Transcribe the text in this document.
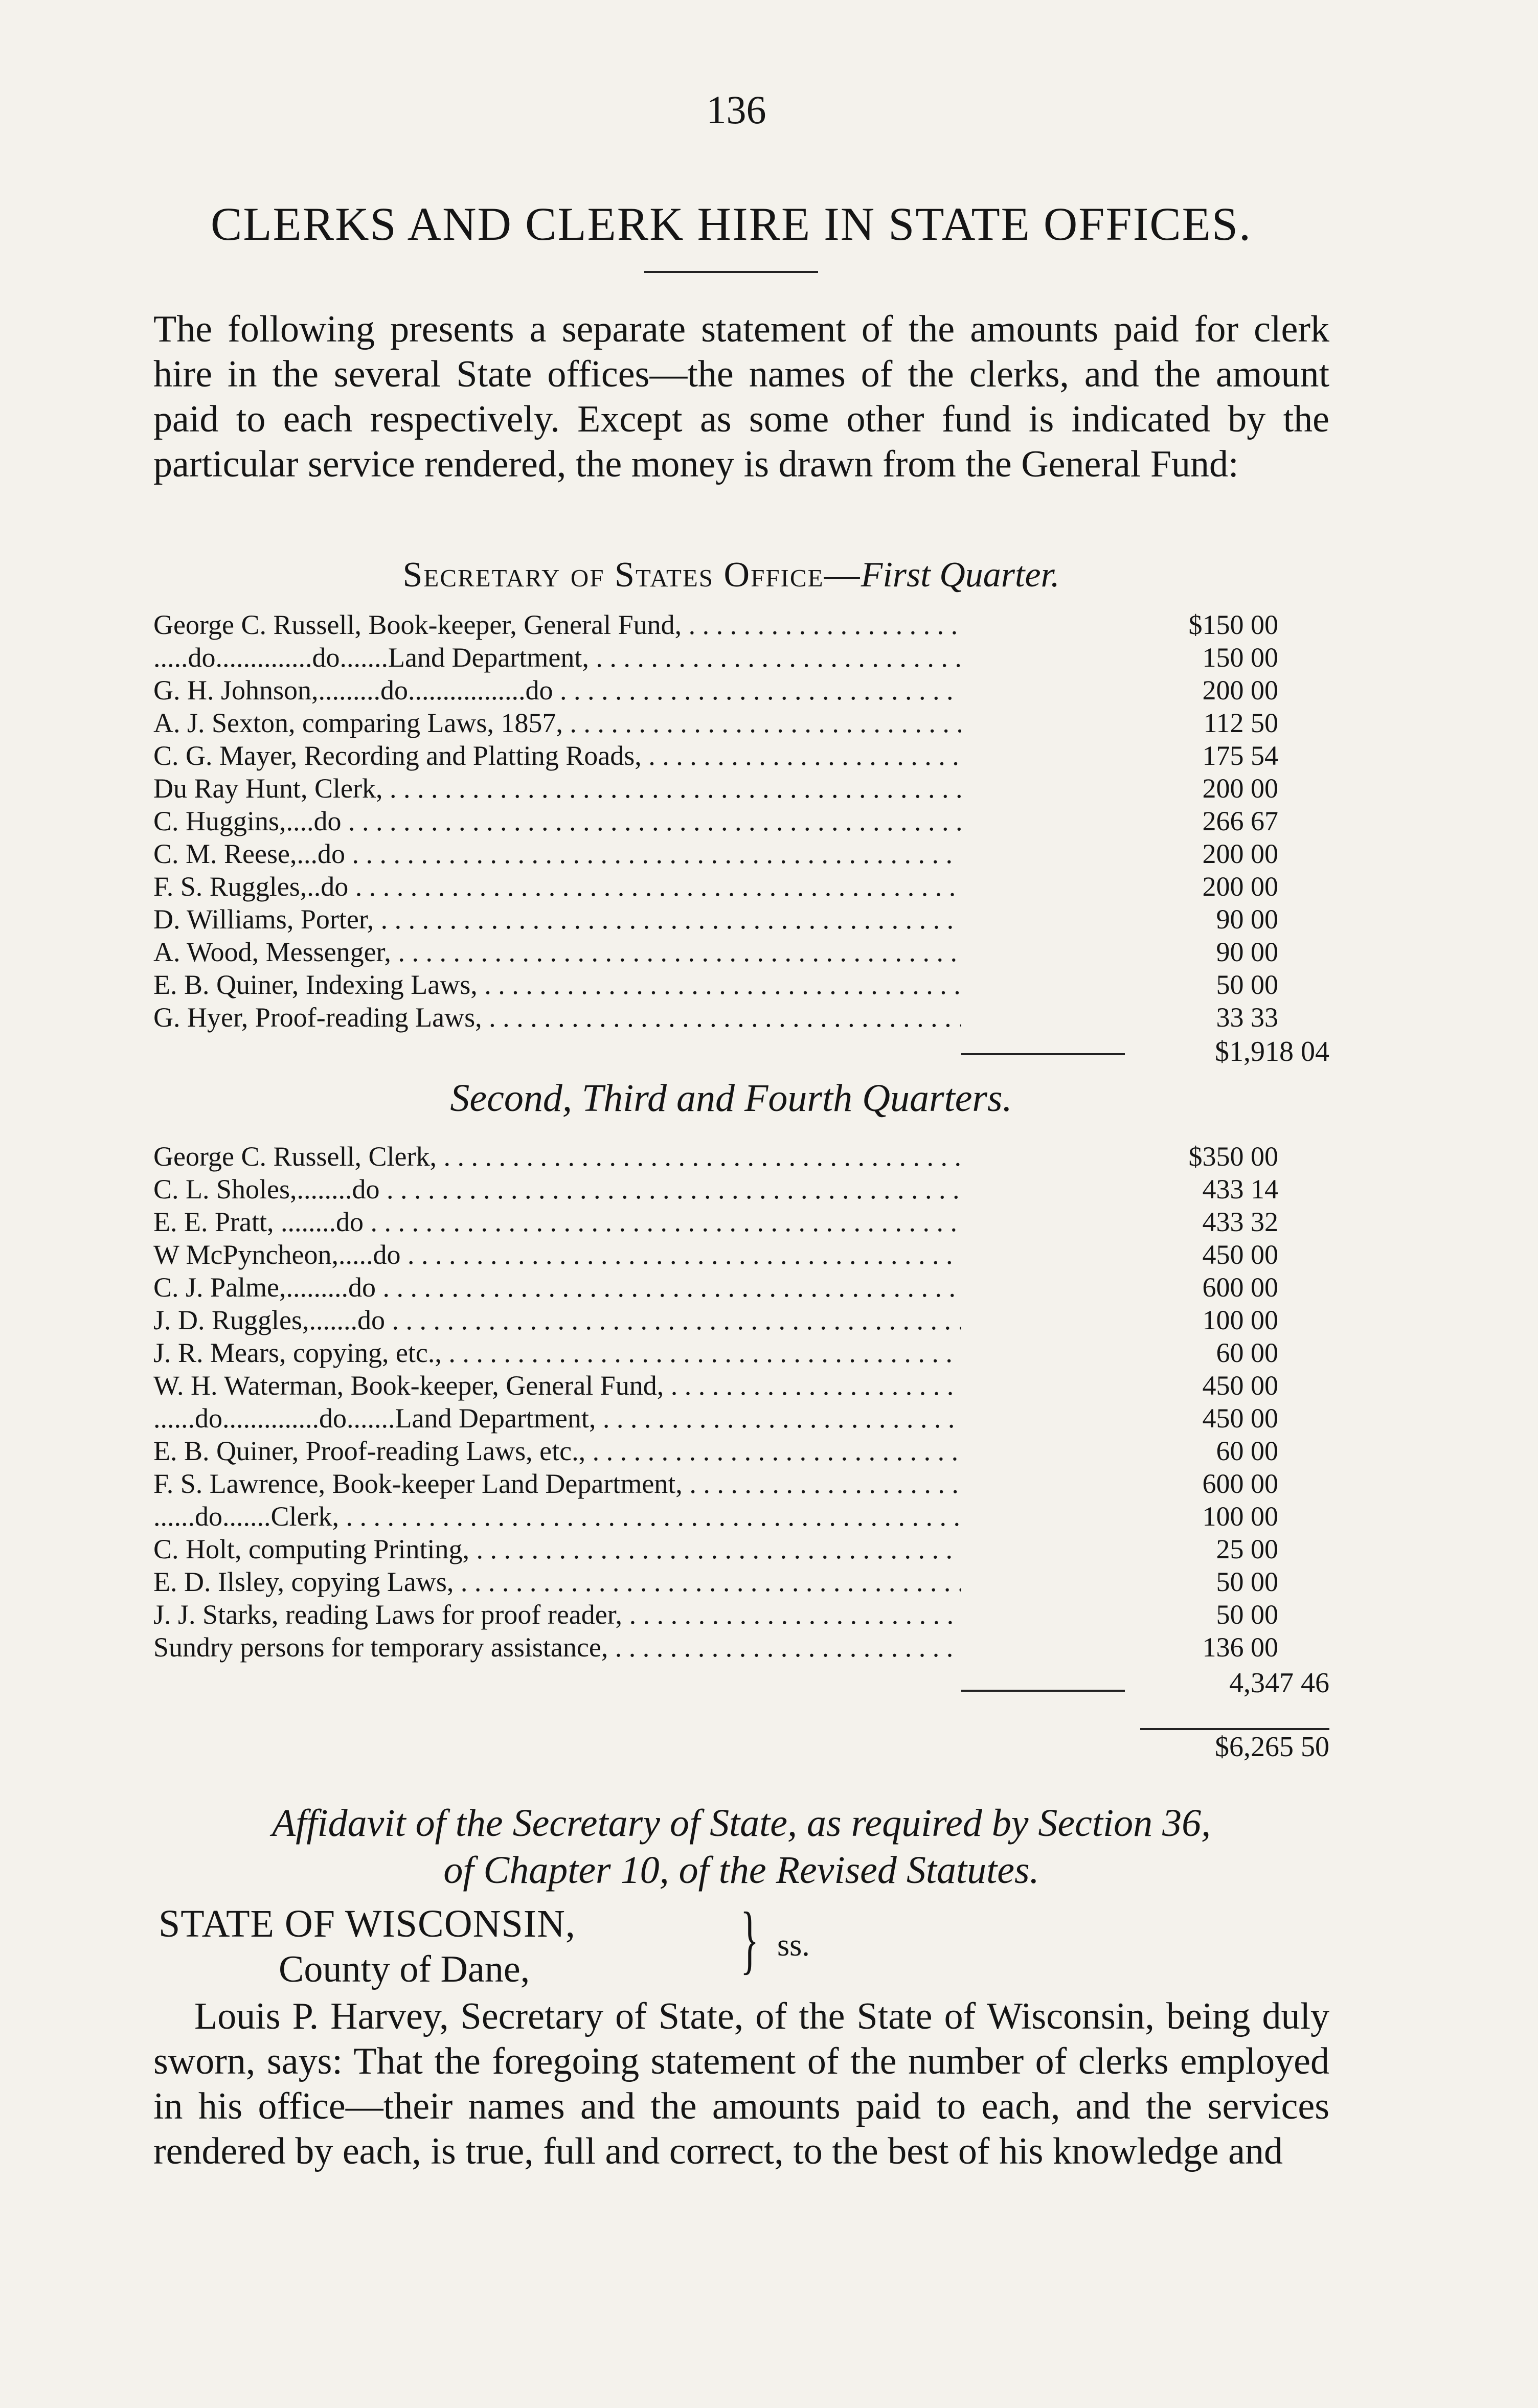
136
CLERKS AND CLERK HIRE IN STATE OFFICES.
The following presents a separate statement of the amounts paid for clerk hire in the several State offices—the names of the clerks, and the amount paid to each respectively. Except as some other fund is indicated by the particular service rendered, the money is drawn from the General Fund:
Secretary of States Office—First Quarter.
George C. Russell, Book-keeper, General Fund, . . .	$150 00
.....do..............do.......Land Department, . . .	150 00
G. H. Johnson,.........do.................do . . .	200 00
A. J. Sexton, comparing Laws, 1857, . . .	112 50
C. G. Mayer, Recording and Platting Roads, . . .	175 54
Du Ray Hunt, Clerk, . . .	200 00
C. Huggins,....do . . .	266 67
C. M. Reese,...do . . .	200 00
F. S. Ruggles,..do . . .	200 00
D. Williams, Porter, . . .	90 00
A. Wood, Messenger, . . .	90 00
E. B. Quiner, Indexing Laws, . . .	50 00
G. Hyer, Proof-reading Laws, . . .	33 33
$1,918 04
Second, Third and Fourth Quarters.
George C. Russell, Clerk, . . .	$350 00
C. L. Sholes,........do . . .	433 14
E. E. Pratt, ........do . . .	433 32
W McPyncheon,.....do . . .	450 00
C. J. Palme,.........do . . .	600 00
J. D. Ruggles,.......do . . .	100 00
J. R. Mears, copying, etc., . . .	60 00
W. H. Waterman, Book-keeper, General Fund, . . .	450 00
......do..............do.......Land Department, . . .	450 00
E. B. Quiner, Proof-reading Laws, etc., . . .	60 00
F. S. Lawrence, Book-keeper Land Department, . . .	600 00
......do.......Clerk, . . .	100 00
C. Holt, computing Printing, . . .	25 00
E. D. Ilsley, copying Laws, . . .	50 00
J. J. Starks, reading Laws for proof reader, . . .	50 00
Sundry persons for temporary assistance, . . .	136 00
4,347 46
$6,265 50
Affidavit of the Secretary of State, as required by Section 36,
of Chapter 10, of the Revised Statutes.
STATE OF WISCONSIN,
County of Dane,	} ss.
Louis P. Harvey, Secretary of State, of the State of Wisconsin, being duly sworn, says: That the foregoing statement of the number of clerks employed in his office—their names and the amounts paid to each, and the services rendered by each, is true, full and correct, to the best of his knowledge and
